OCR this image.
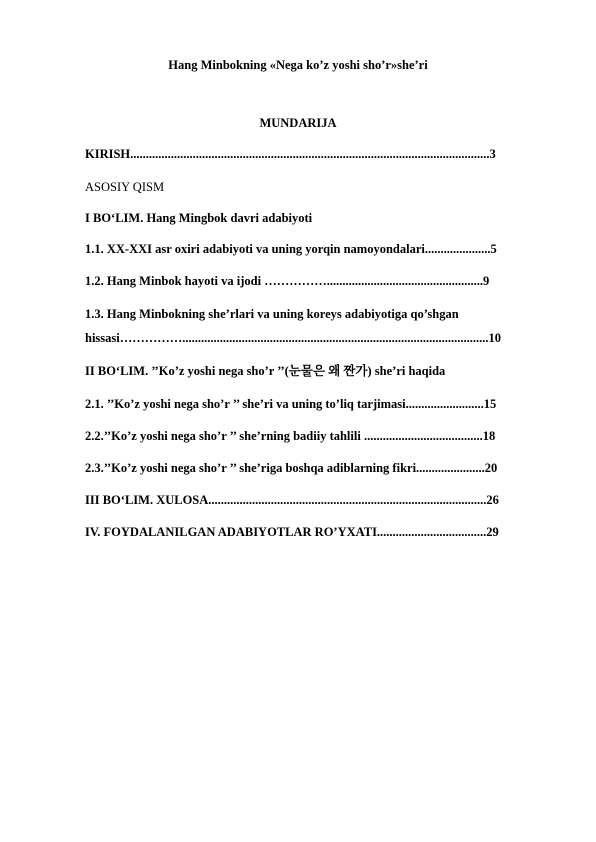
Hang Minbokning «Nega ko’z yoshi sho’r»she’ri
MUNDARIJA
KIRISH...................................................................................................................3
ASOSIY QISM
I BO‘LIM. Hang Mingbok davri adabiyoti
1.1. XX-XXI asr oxiri adabiyoti va uning yorqin namoyondalari.....................5
1.2. Hang Minbok hayoti va ijodi ……………..................................................9
1.3. Hang Minbokning she’rlari va uning koreys adabiyotiga qo’shgan
hissasi……………..................................................................................................10
II BO‘LIM. ’’Ko’z yoshi nega sho’r ’’(눈물은 왜 짠가) she’ri haqida
2.1. ’’Ko’z yoshi nega sho’r ’’ she’ri va uning to’liq tarjimasi.........................15
2.2.’’Ko’z yoshi nega sho’r ’’ she’rning badiiy tahlili ......................................18
2.3.’’Ko’z yoshi nega sho’r ’’ she’riga boshqa adiblarning fikri......................20
III BO‘LIM. XULOSA.........................................................................................26
IV. FOYDALANILGAN ADABIYOTLAR RO’YXATI...................................29
